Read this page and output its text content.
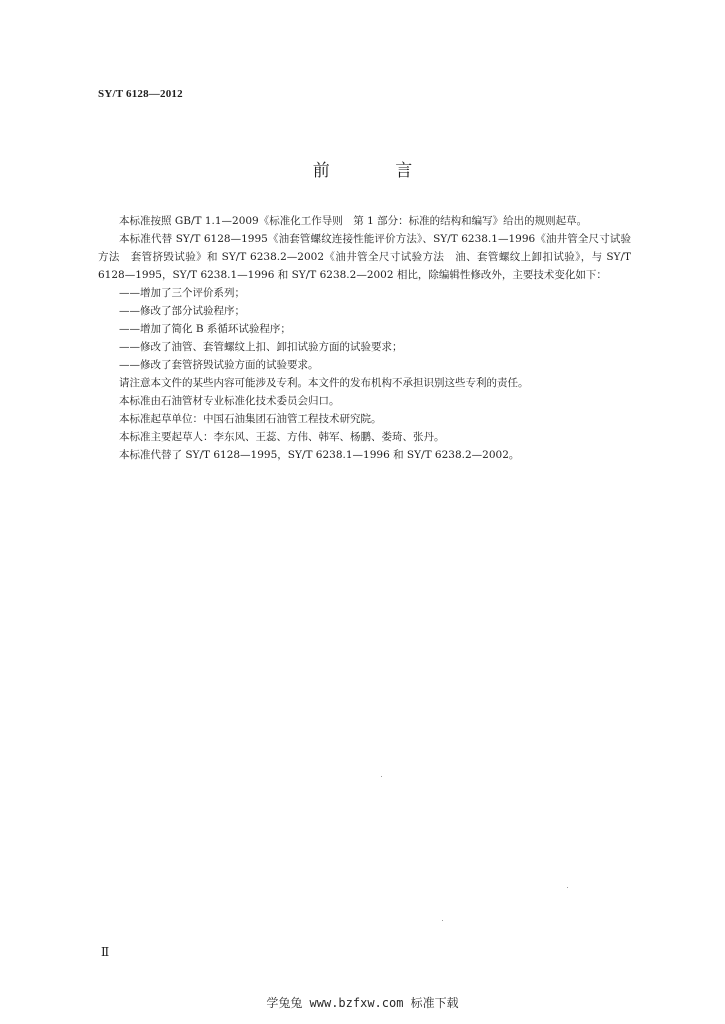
SY/T 6128—2012
前 言

本标准按照 GB/T 1.1—2009《标准化工作导则　第 1 部分：标准的结构和编写》给出的规则起草。

本标准代替 SY/T 6128—1995《油套管螺纹连接性能评价方法》、SY/T 6238.1—1996《油井管全尺寸试验方法　套管挤毁试验》和 SY/T 6238.2—2002《油井管全尺寸试验方法　油、套管螺纹上卸扣试验》，与 SY/T 6128—1995，SY/T 6238.1—1996 和 SY/T 6238.2—2002 相比，除编辑性修改外，主要技术变化如下：

——增加了三个评价系列；

——修改了部分试验程序；

——增加了简化 B 系循环试验程序；

——修改了油管、套管螺纹上扣、卸扣试验方面的试验要求；

——修改了套管挤毁试验方面的试验要求。

请注意本文件的某些内容可能涉及专利。本文件的发布机构不承担识别这些专利的责任。

本标准由石油管材专业标准化技术委员会归口。

本标准起草单位：中国石油集团石油管工程技术研究院。

本标准主要起草人：李东风、王蕊、方伟、韩军、杨鹏、娄琦、张丹。

本标准代替了 SY/T 6128—1995，SY/T 6238.1—1996 和 SY/T 6238.2—2002。

Ⅱ
学兔兔 www.bzfxw.com 标准下载
